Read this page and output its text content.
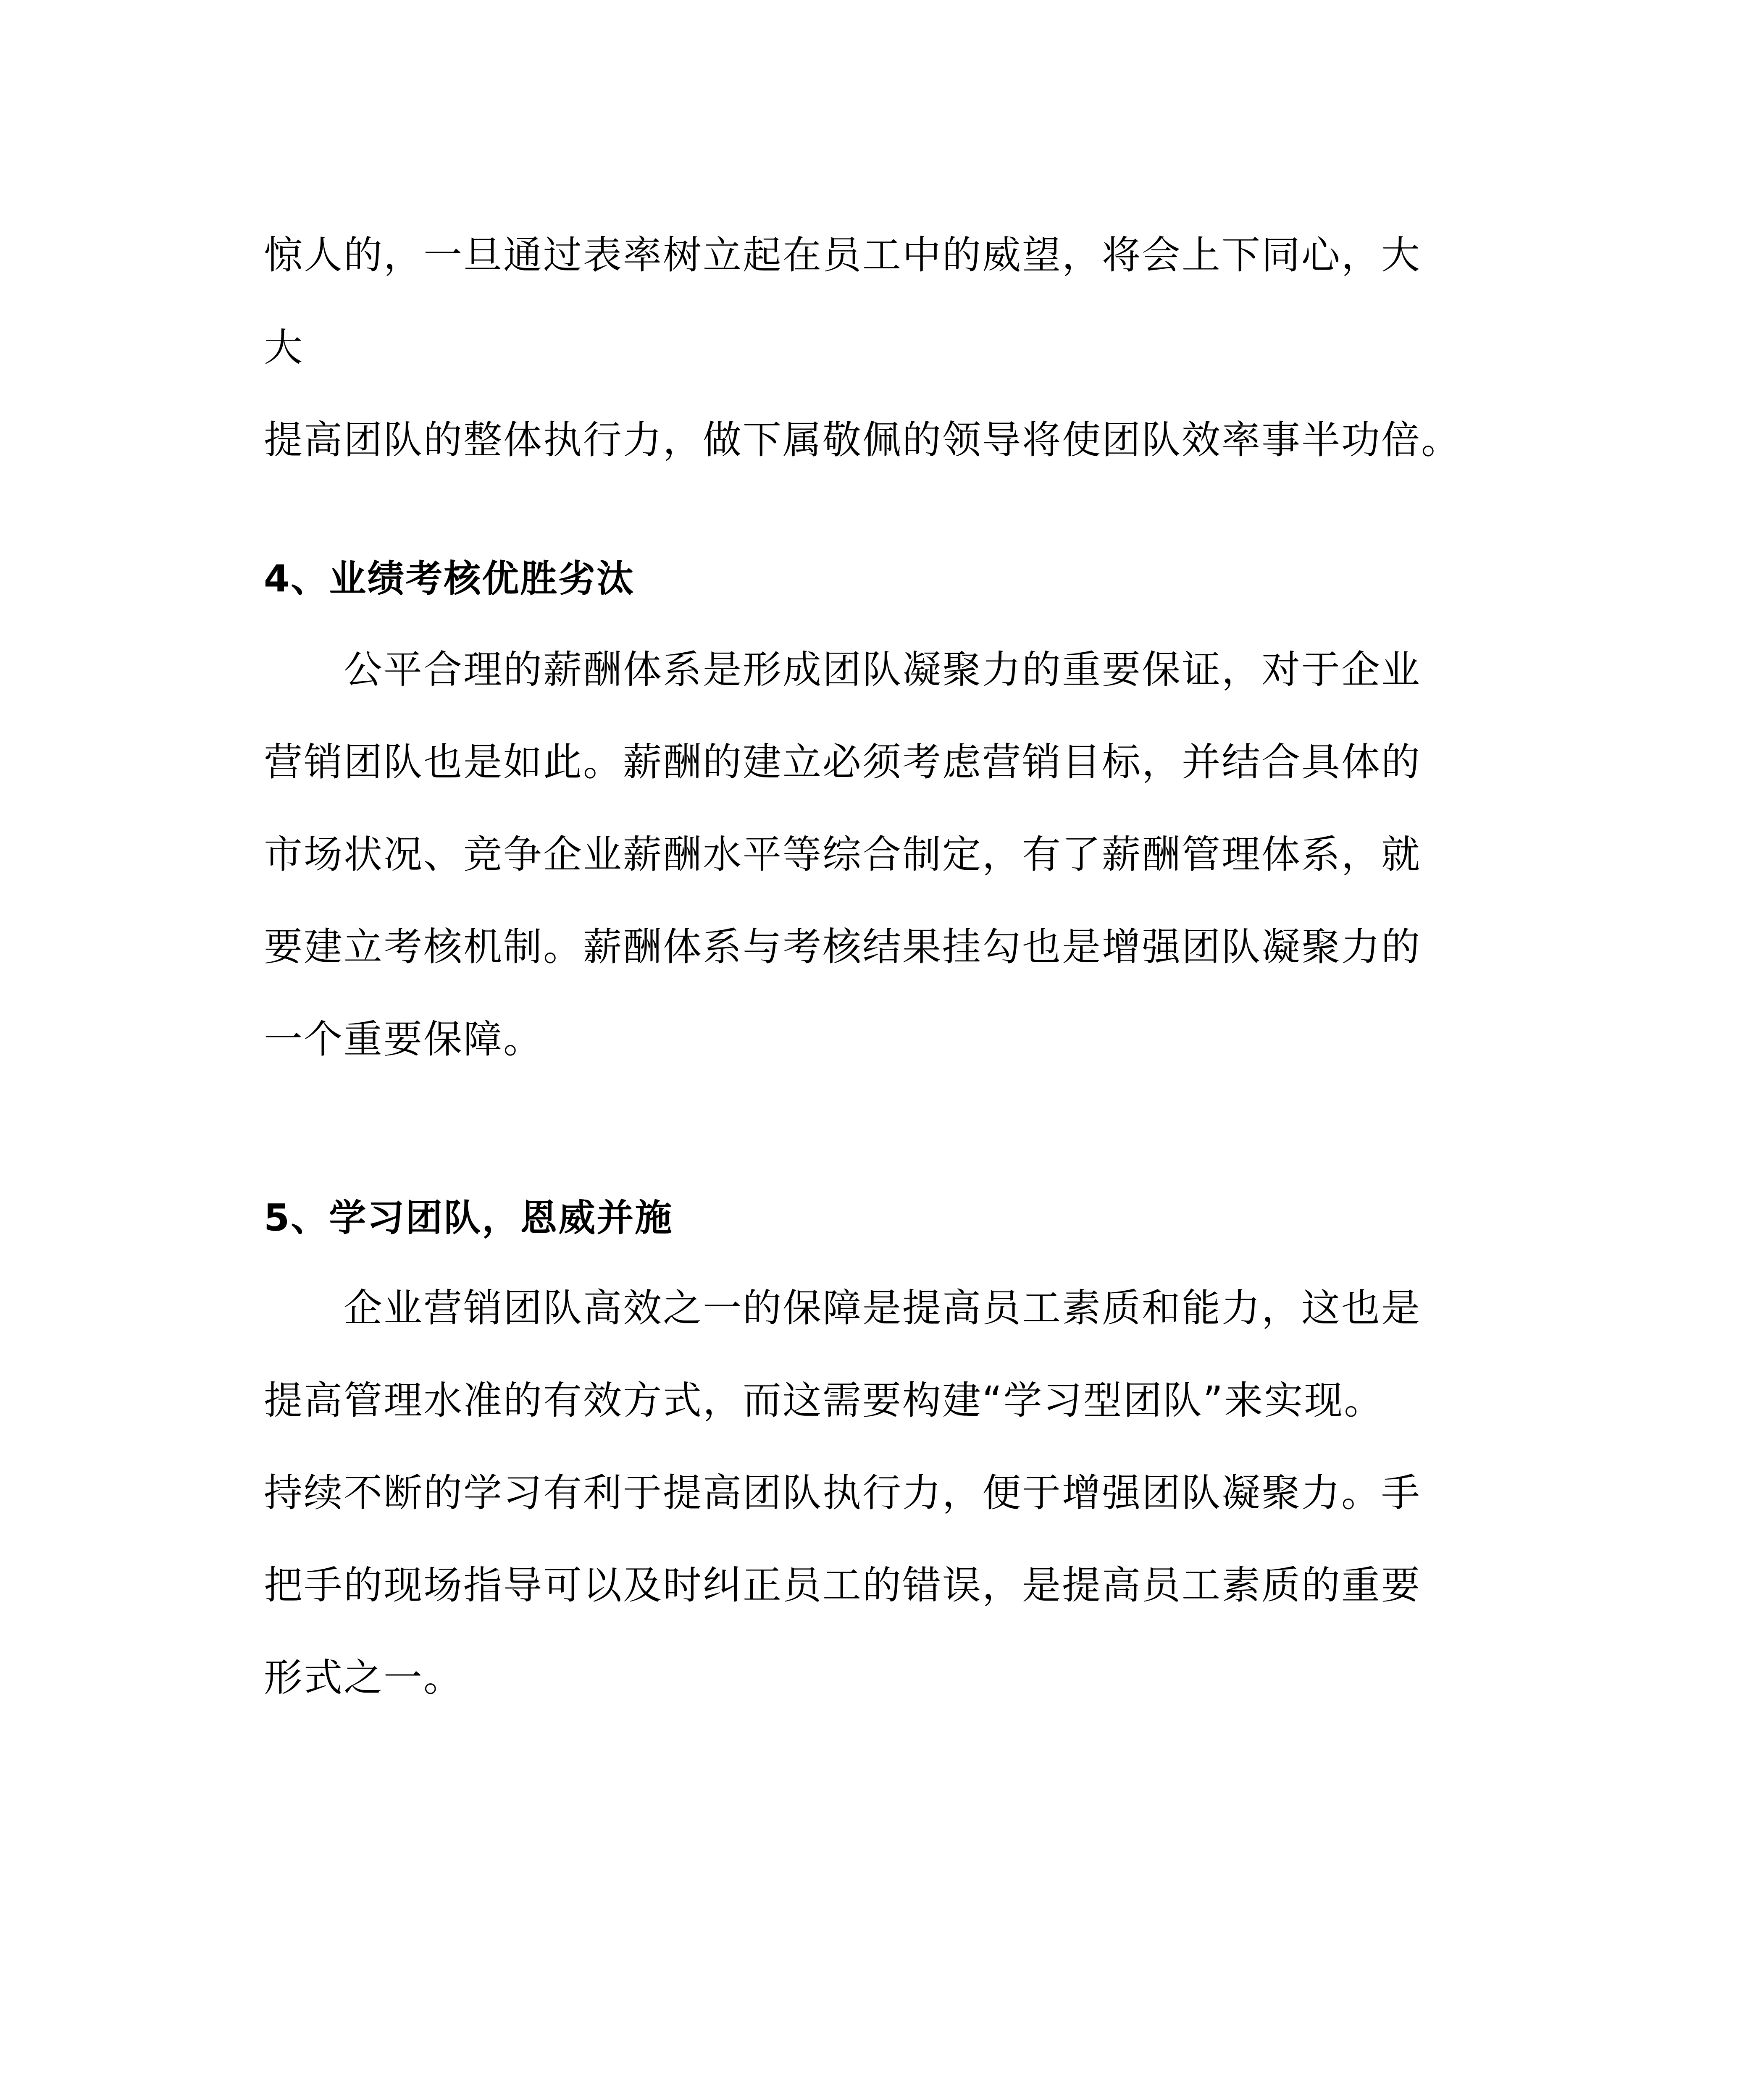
惊人的，一旦通过表率树立起在员工中的威望，将会上下同心，大
大
提高团队的整体执行力，做下属敬佩的领导将使团队效率事半功倍。
4、业绩考核优胜劣汰
公平合理的薪酬体系是形成团队凝聚力的重要保证，对于企业
营销团队也是如此。薪酬的建立必须考虑营销目标，并结合具体的
市场状况、竞争企业薪酬水平等综合制定，有了薪酬管理体系，就
要建立考核机制。薪酬体系与考核结果挂勾也是增强团队凝聚力的
一个重要保障。
5、学习团队，恩威并施
企业营销团队高效之一的保障是提高员工素质和能力，这也是
提高管理水准的有效方式，而这需要构建“学习型团队”来实现。
持续不断的学习有利于提高团队执行力，便于增强团队凝聚力。手
把手的现场指导可以及时纠正员工的错误，是提高员工素质的重要
形式之一。
